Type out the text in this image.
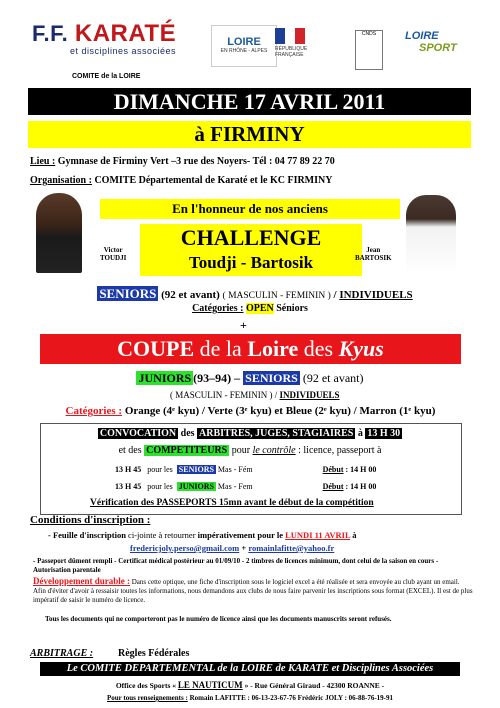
F.F. KARATÉ
et disciplines associées
COMITE de la LOIRE
LOIRE
EN RHÔNE - ALPES	RÉPUBLIQUE FRANÇAISE
CNDS	LOIRE
SPORT
DIMANCHE 17 AVRIL 2011
à FIRMINY
Lieu : Gymnase de Firminy Vert –3 rue des Noyers- Tél : 04 77 89 22 70
Organisation : COMITE Départemental de Karaté et le KC FIRMINY
En l'honneur de nos anciens
CHALLENGE
Toudji - Bartosik
Victor
TOUDJI
Jean
BARTOSIK
SENIORS (92 et avant) ( MASCULIN - FEMININ ) / INDIVIDUELS
Catégories : OPEN Séniors
+
COUPE de la Loire des Kyus
JUNIORS (93–94) – SENIORS (92 et avant)
( MASCULIN - FEMININ ) / INDIVIDUELS
Catégories : Orange (4ᵉ kyu) / Verte (3ᵉ kyu) et Bleue (2ᵉ kyu) / Marron (1ᵉ kyu)
CONVOCATION des ARBITRES, JUGES, STAGIAIRES à 13 H 30
et des COMPETITEURS pour le contrôle : licence, passeport à
13 H 45 pour les SENIORS Mas - Fém	Début : 14 H 00
13 H 45 pour les JUNIORS Mas - Fem	Début : 14 H 00
Vérification des PASSEPORTS 15mn avant le début de la compétition
Conditions d'inscription :
- Feuille d'inscription ci-jointe à retourner impérativement pour le LUNDI 11 AVRIL à
fredericjoly.perso@gmail.com + romainlafitte@yahoo.fr
- Passeport dûment rempli - Certificat médical postérieur au 01/09/10 - 2 timbres de licences minimum, dont celui de la saison en cours -Autorisation parentale
Développement durable : Dans cette optique, une fiche d'inscription sous le logiciel excel a été réalisée et sera envoyée au club ayant un email. Afin d'éviter d'avoir à ressaisir toutes les informations, nous demandons aux clubs de nous faire parvenir les inscriptions sous format (EXCEL). Il est de plus impératif de saisir le numéro de licence.
Tous les documents qui ne comporteront pas le numéro de licence ainsi que les documents manuscrits seront refusés.
ARBITRAGE : Règles Fédérales
Le COMITE DEPARTEMENTAL de la LOIRE de KARATE et Disciplines Associées
Office des Sports « LE NAUTICUM » - Rue Général Giraud - 42300 ROANNE -
Pour tous renseignements : Romain LAFITTE : 06-13-23-67-76 Frédéric JOLY : 06-88-76-19-91
